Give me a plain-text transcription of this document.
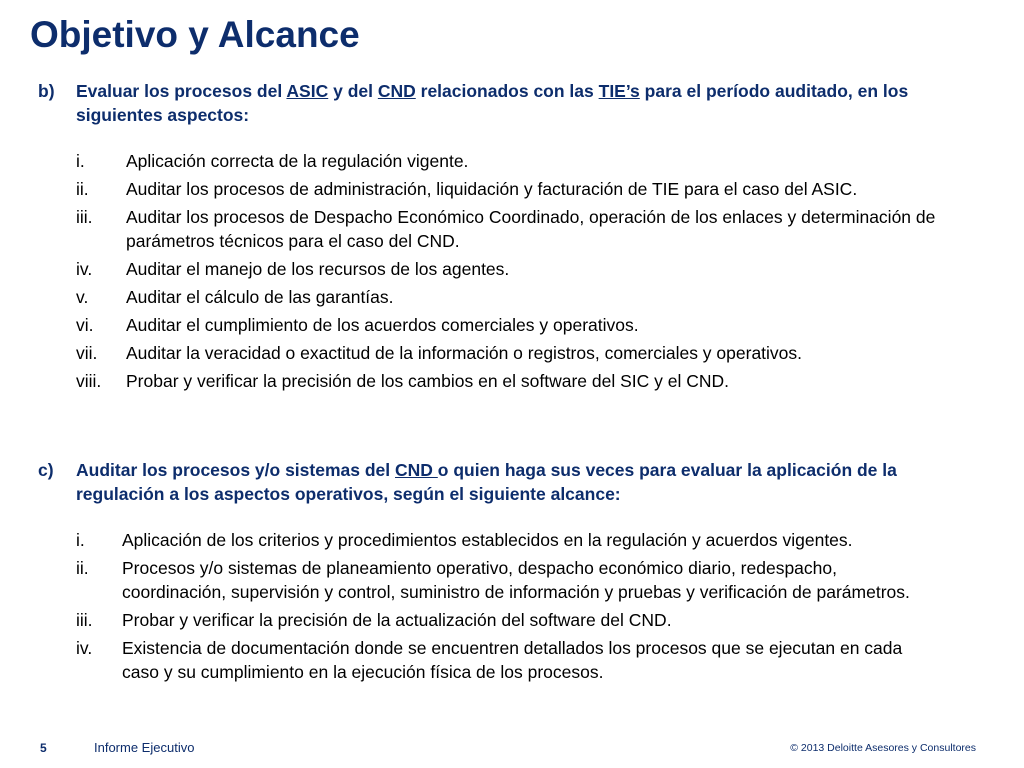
Objetivo y Alcance
b) Evaluar los procesos del ASIC y del CND relacionados con las TIE’s para el período auditado, en los siguientes aspectos:
i. Aplicación correcta de la regulación vigente.
ii. Auditar los procesos de administración, liquidación y facturación de TIE para el caso del ASIC.
iii. Auditar los procesos de Despacho Económico Coordinado, operación de los enlaces y determinación de parámetros técnicos para el caso del CND.
iv. Auditar el manejo de los recursos de los agentes.
v. Auditar el cálculo de las garantías.
vi. Auditar el cumplimiento de los acuerdos comerciales y operativos.
vii. Auditar la veracidad o exactitud de la información o registros, comerciales y operativos.
viii. Probar y verificar la precisión de los cambios en el software del SIC y el CND.
c) Auditar los procesos y/o sistemas del CND o quien haga sus veces para evaluar la aplicación de la regulación a los aspectos operativos, según el siguiente alcance:
i. Aplicación de los criterios y procedimientos establecidos en la regulación y acuerdos vigentes.
ii. Procesos y/o sistemas de planeamiento operativo, despacho económico diario, redespacho, coordinación, supervisión y control, suministro de información y pruebas y verificación de parámetros.
iii. Probar y verificar la precisión de la actualización del software del CND.
iv. Existencia de documentación donde se encuentren detallados los procesos que se ejecutan en cada caso y su cumplimiento en la ejecución física de los procesos.
5	Informe Ejecutivo	© 2013 Deloitte Asesores y Consultores
